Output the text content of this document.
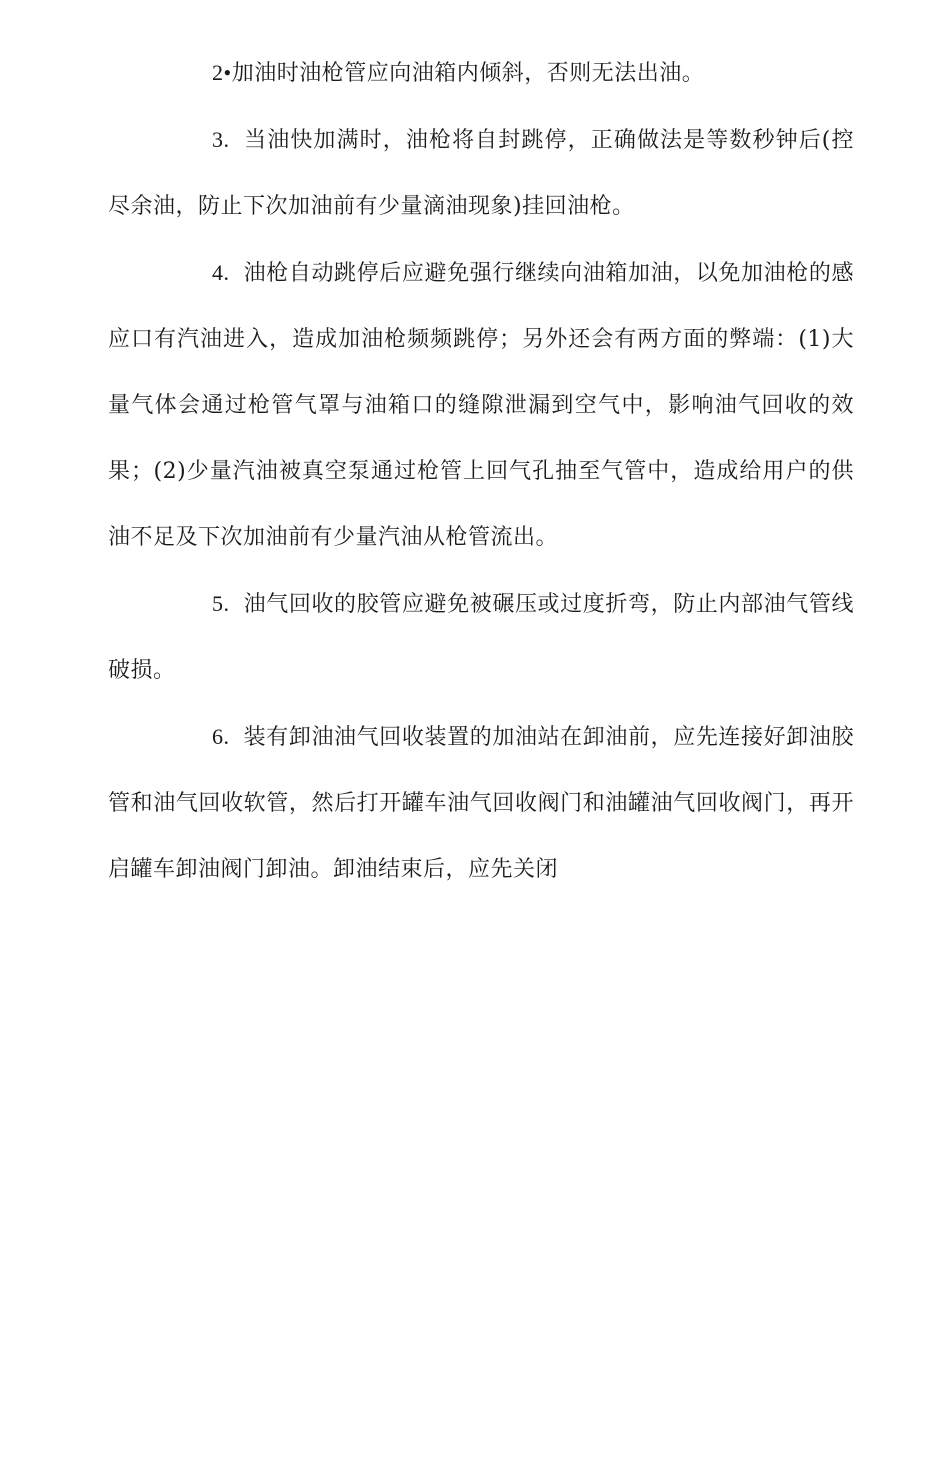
2•加油时油枪管应向油箱内倾斜，否则无法出油。

3. 当油快加满时，油枪将自封跳停，正确做法是等数秒钟后(控尽余油，防止下次加油前有少量滴油现象)挂回油枪。

4. 油枪自动跳停后应避免强行继续向油箱加油，以免加油枪的感应口有汽油进入，造成加油枪频频跳停；另外还会有两方面的弊端：(1)大量气体会通过枪管气罩与油箱口的缝隙泄漏到空气中，影响油气回收的效果；(2)少量汽油被真空泵通过枪管上回气孔抽至气管中，造成给用户的供油不足及下次加油前有少量汽油从枪管流出。

5. 油气回收的胶管应避免被碾压或过度折弯，防止内部油气管线破损。

6. 装有卸油油气回收装置的加油站在卸油前，应先连接好卸油胶管和油气回收软管，然后打开罐车油气回收阀门和油罐油气回收阀门，再开启罐车卸油阀门卸油。卸油结束后，应先关闭
